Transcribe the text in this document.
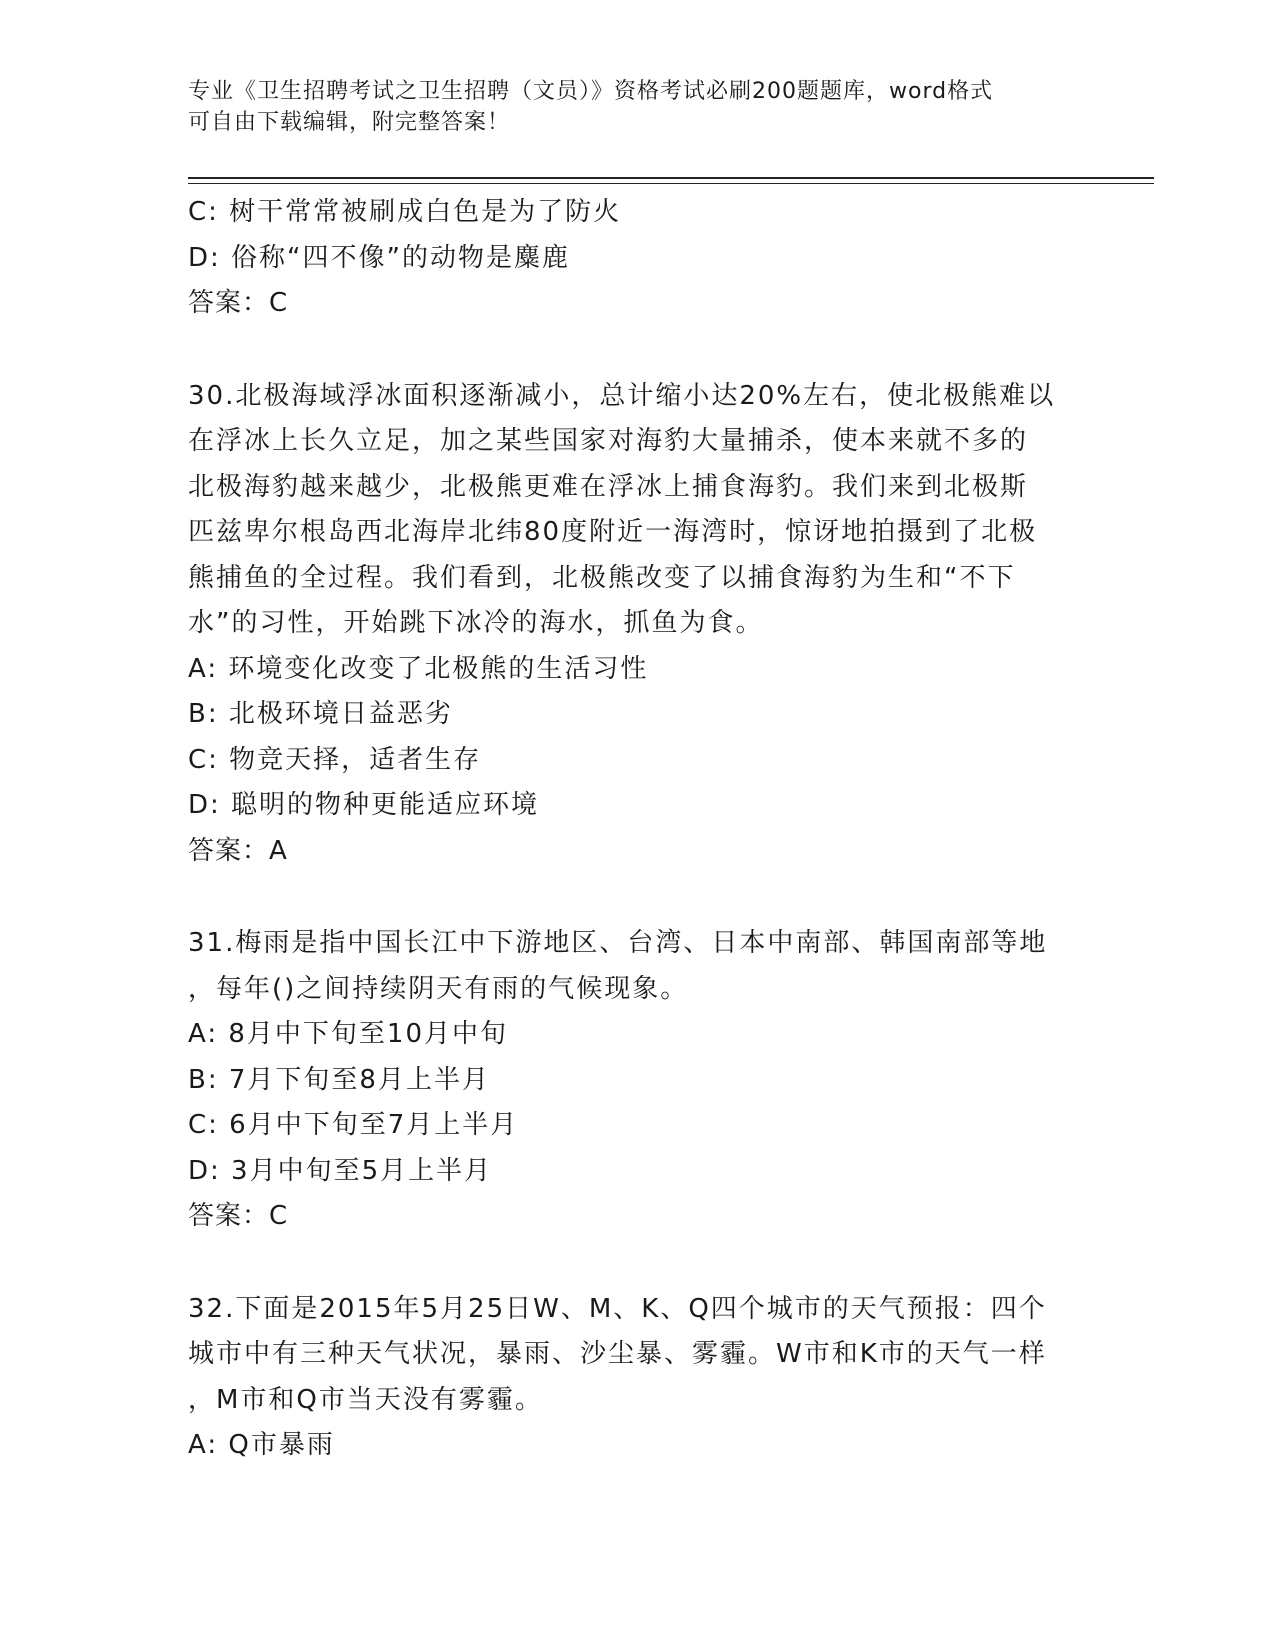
专业《卫生招聘考试之卫生招聘（文员）》资格考试必刷200题题库，word格式
可自由下载编辑，附完整答案！
C: 树干常常被刷成白色是为了防火
D: 俗称“四不像”的动物是麋鹿
答案：C
30.北极海域浮冰面积逐渐减小，总计缩小达20%左右，使北极熊难以
在浮冰上长久立足，加之某些国家对海豹大量捕杀，使本来就不多的
北极海豹越来越少，北极熊更难在浮冰上捕食海豹。我们来到北极斯
匹兹卑尔根岛西北海岸北纬80度附近一海湾时，惊讶地拍摄到了北极
熊捕鱼的全过程。我们看到，北极熊改变了以捕食海豹为生和“不下
水”的习性，开始跳下冰冷的海水，抓鱼为食。
A: 环境变化改变了北极熊的生活习性
B: 北极环境日益恶劣
C: 物竞天择，适者生存
D: 聪明的物种更能适应环境
答案：A
31.梅雨是指中国长江中下游地区、台湾、日本中南部、韩国南部等地
，每年()之间持续阴天有雨的气候现象。
A: 8月中下旬至10月中旬
B: 7月下旬至8月上半月
C: 6月中下旬至7月上半月
D: 3月中旬至5月上半月
答案：C
32.下面是2015年5月25日W、M、K、Q四个城市的天气预报：四个
城市中有三种天气状况，暴雨、沙尘暴、雾霾。W市和K市的天气一样
，M市和Q市当天没有雾霾。
A: Q市暴雨
